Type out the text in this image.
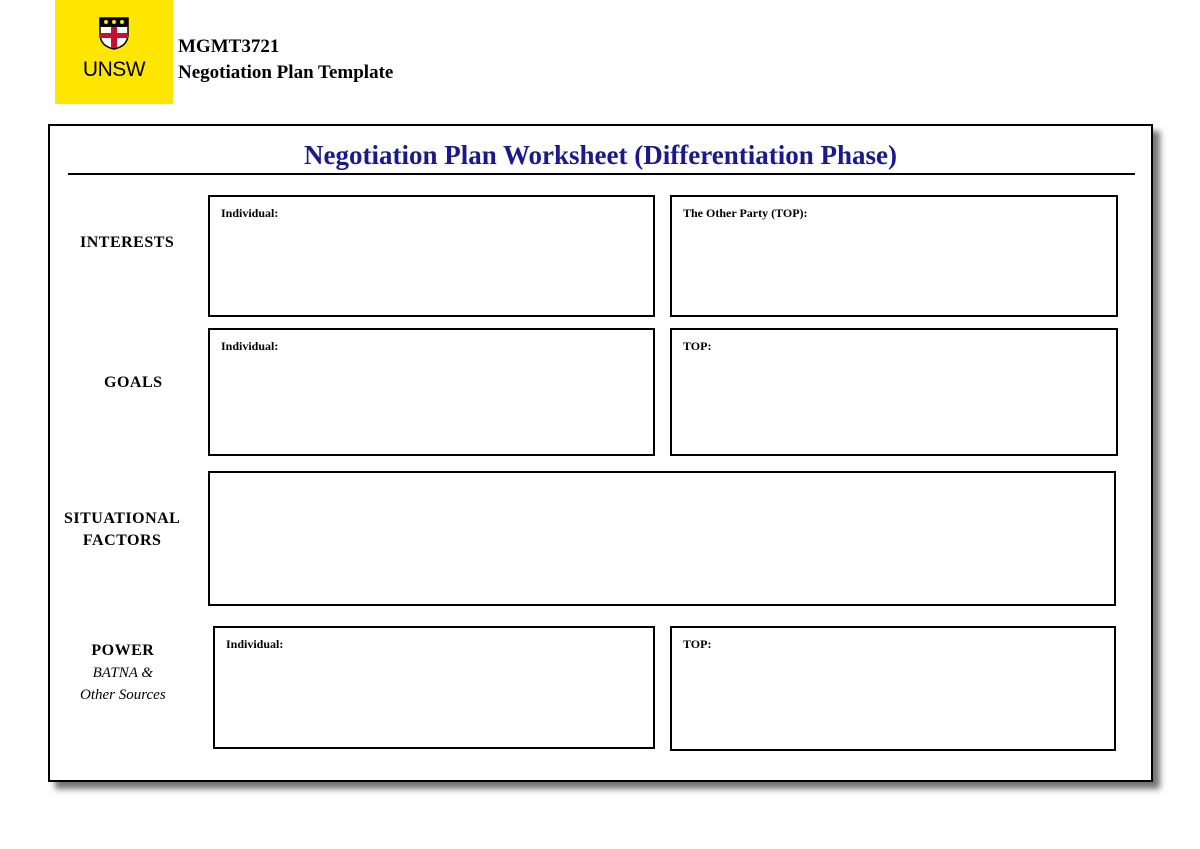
UNSW
MGMT3721
Negotiation Plan Template
Negotiation Plan Worksheet (Differentiation Phase)
INTERESTS
Individual:	The Other Party (TOP):
GOALS
Individual:	TOP:
SITUATIONAL
FACTORS
POWER
BATNA &
Other Sources
Individual:	TOP:
